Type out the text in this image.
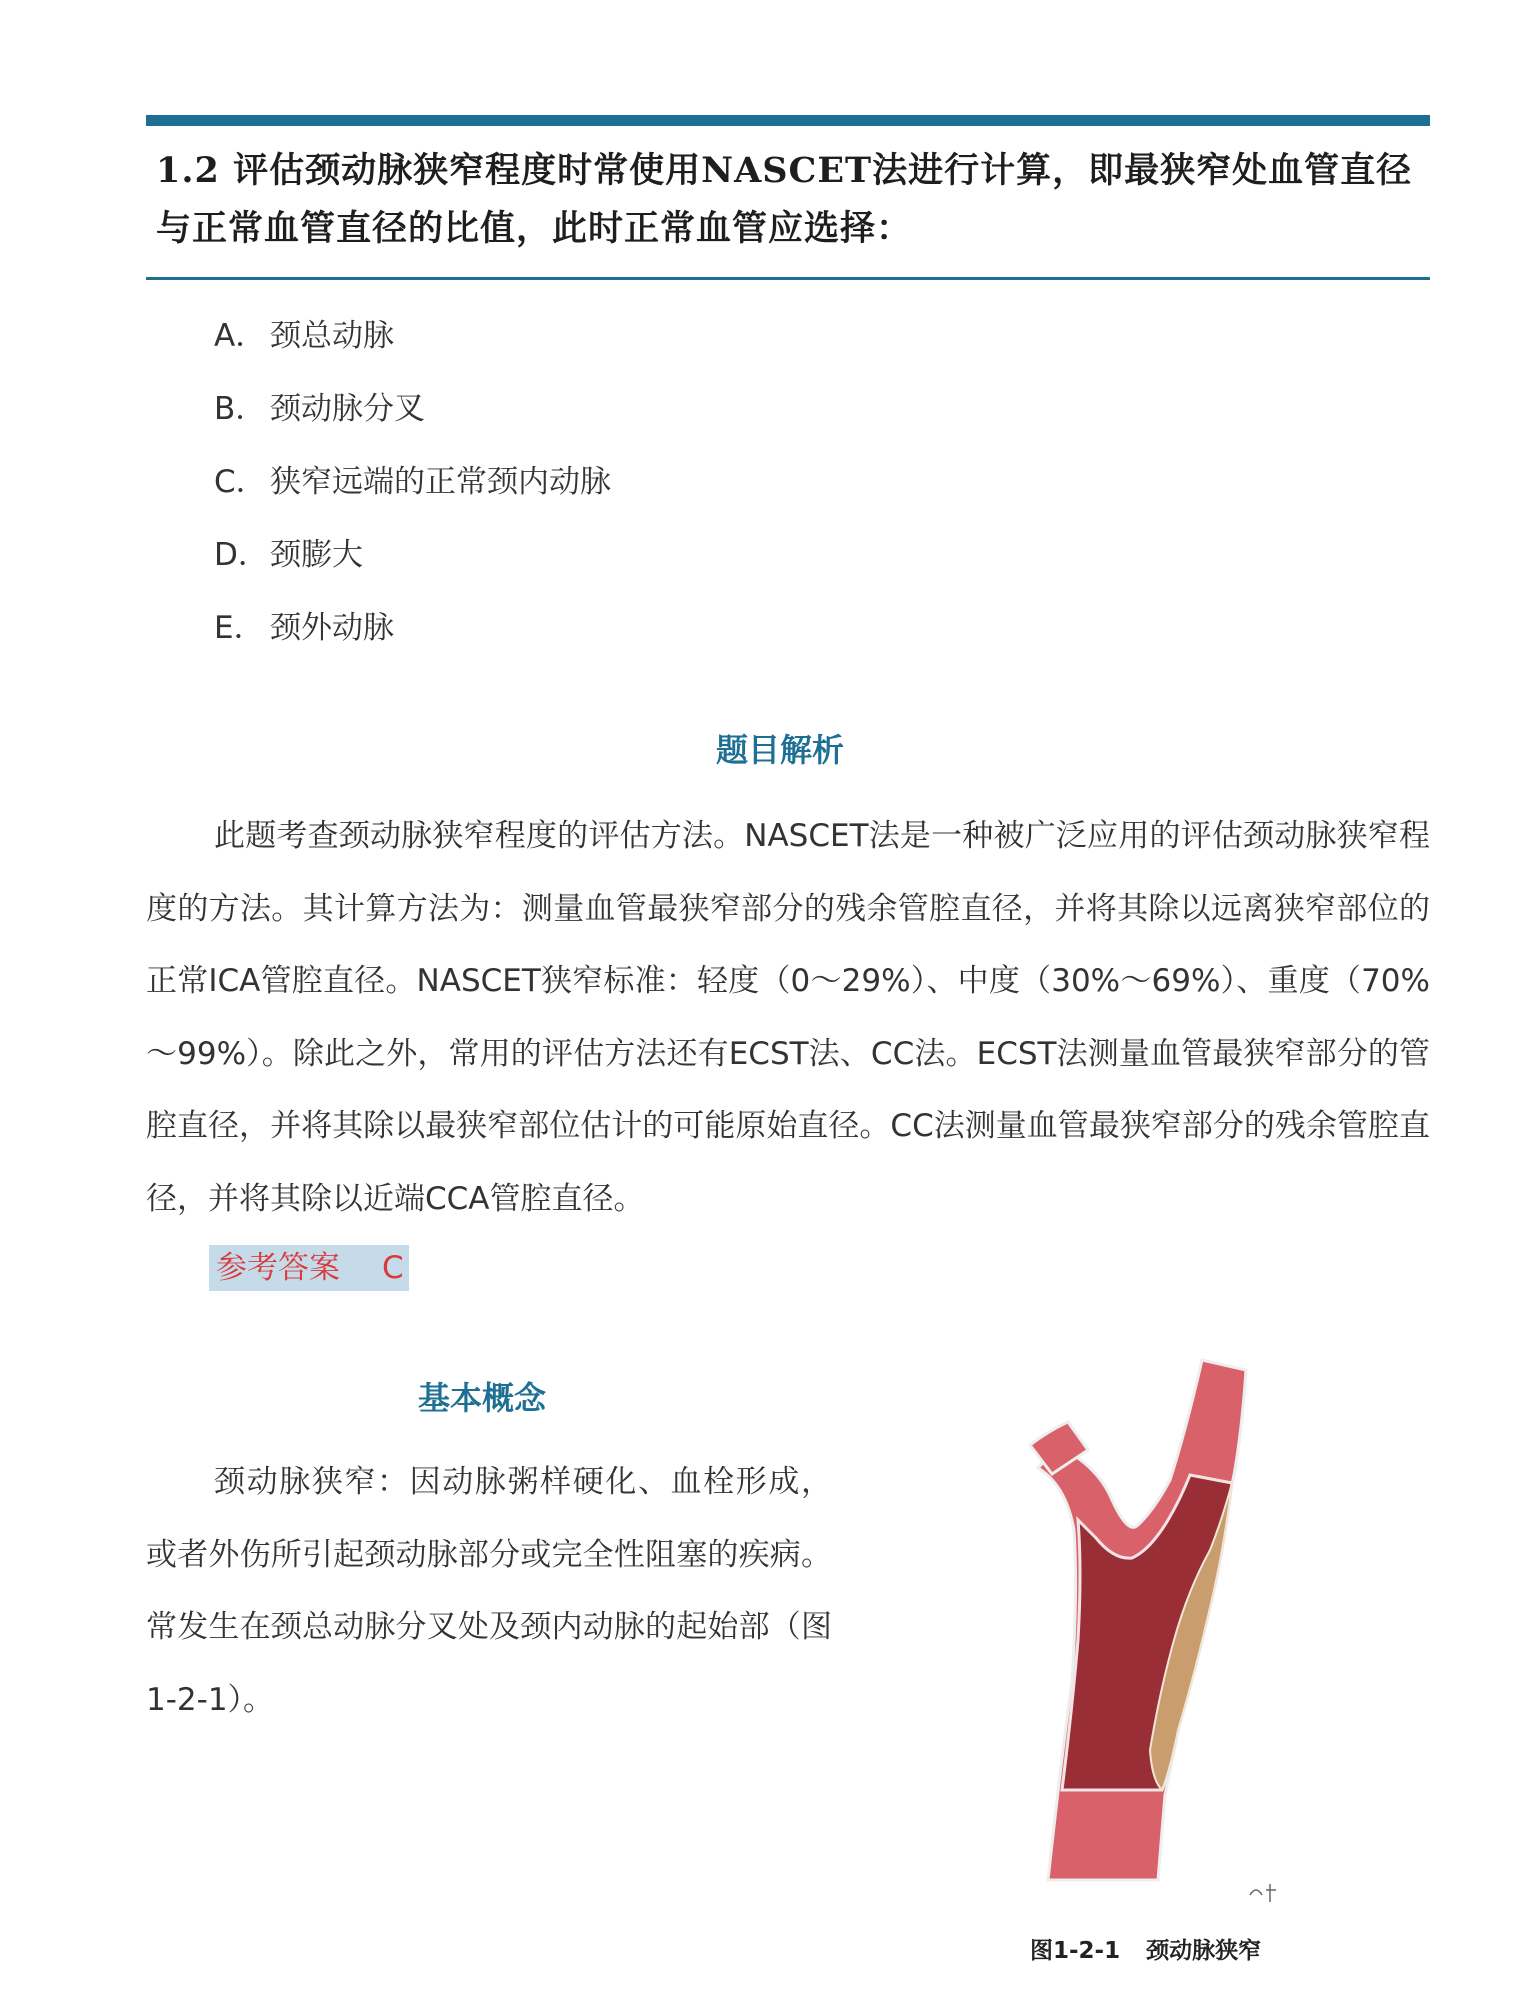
1.2 评估颈动脉狭窄程度时常使用NASCET法进行计算，即最狭窄处血管直径与正常血管直径的比值，此时正常血管应选择：
A． 颈总动脉
B． 颈动脉分叉
C． 狭窄远端的正常颈内动脉
D．颈膨大
E． 颈外动脉
题目解析

此题考查颈动脉狭窄程度的评估方法。NASCET法是一种被广泛应用的评估颈动脉狭窄程度的方法。其计算方法为：测量血管最狭窄部分的残余管腔直径，并将其除以远离狭窄部位的正常ICA管腔直径。NASCET狭窄标准：轻度（0～29%）、中度（30%～69%）、重度（70%～99%）。除此之外，常用的评估方法还有ECST法、CC法。ECST法测量血管最狭窄部分的管腔直径，并将其除以最狭窄部位估计的可能原始直径。CC法测量血管最狭窄部分的残余管腔直径，并将其除以近端CCA管腔直径。

参考答案 C
基本概念

颈动脉狭窄：因动脉粥样硬化、血栓形成，或者外伤所引起颈动脉部分或完全性阻塞的疾病。常发生在颈总动脉分叉处及颈内动脉的起始部（图1-2-1）。

图1-2-1 颈动脉狭窄
